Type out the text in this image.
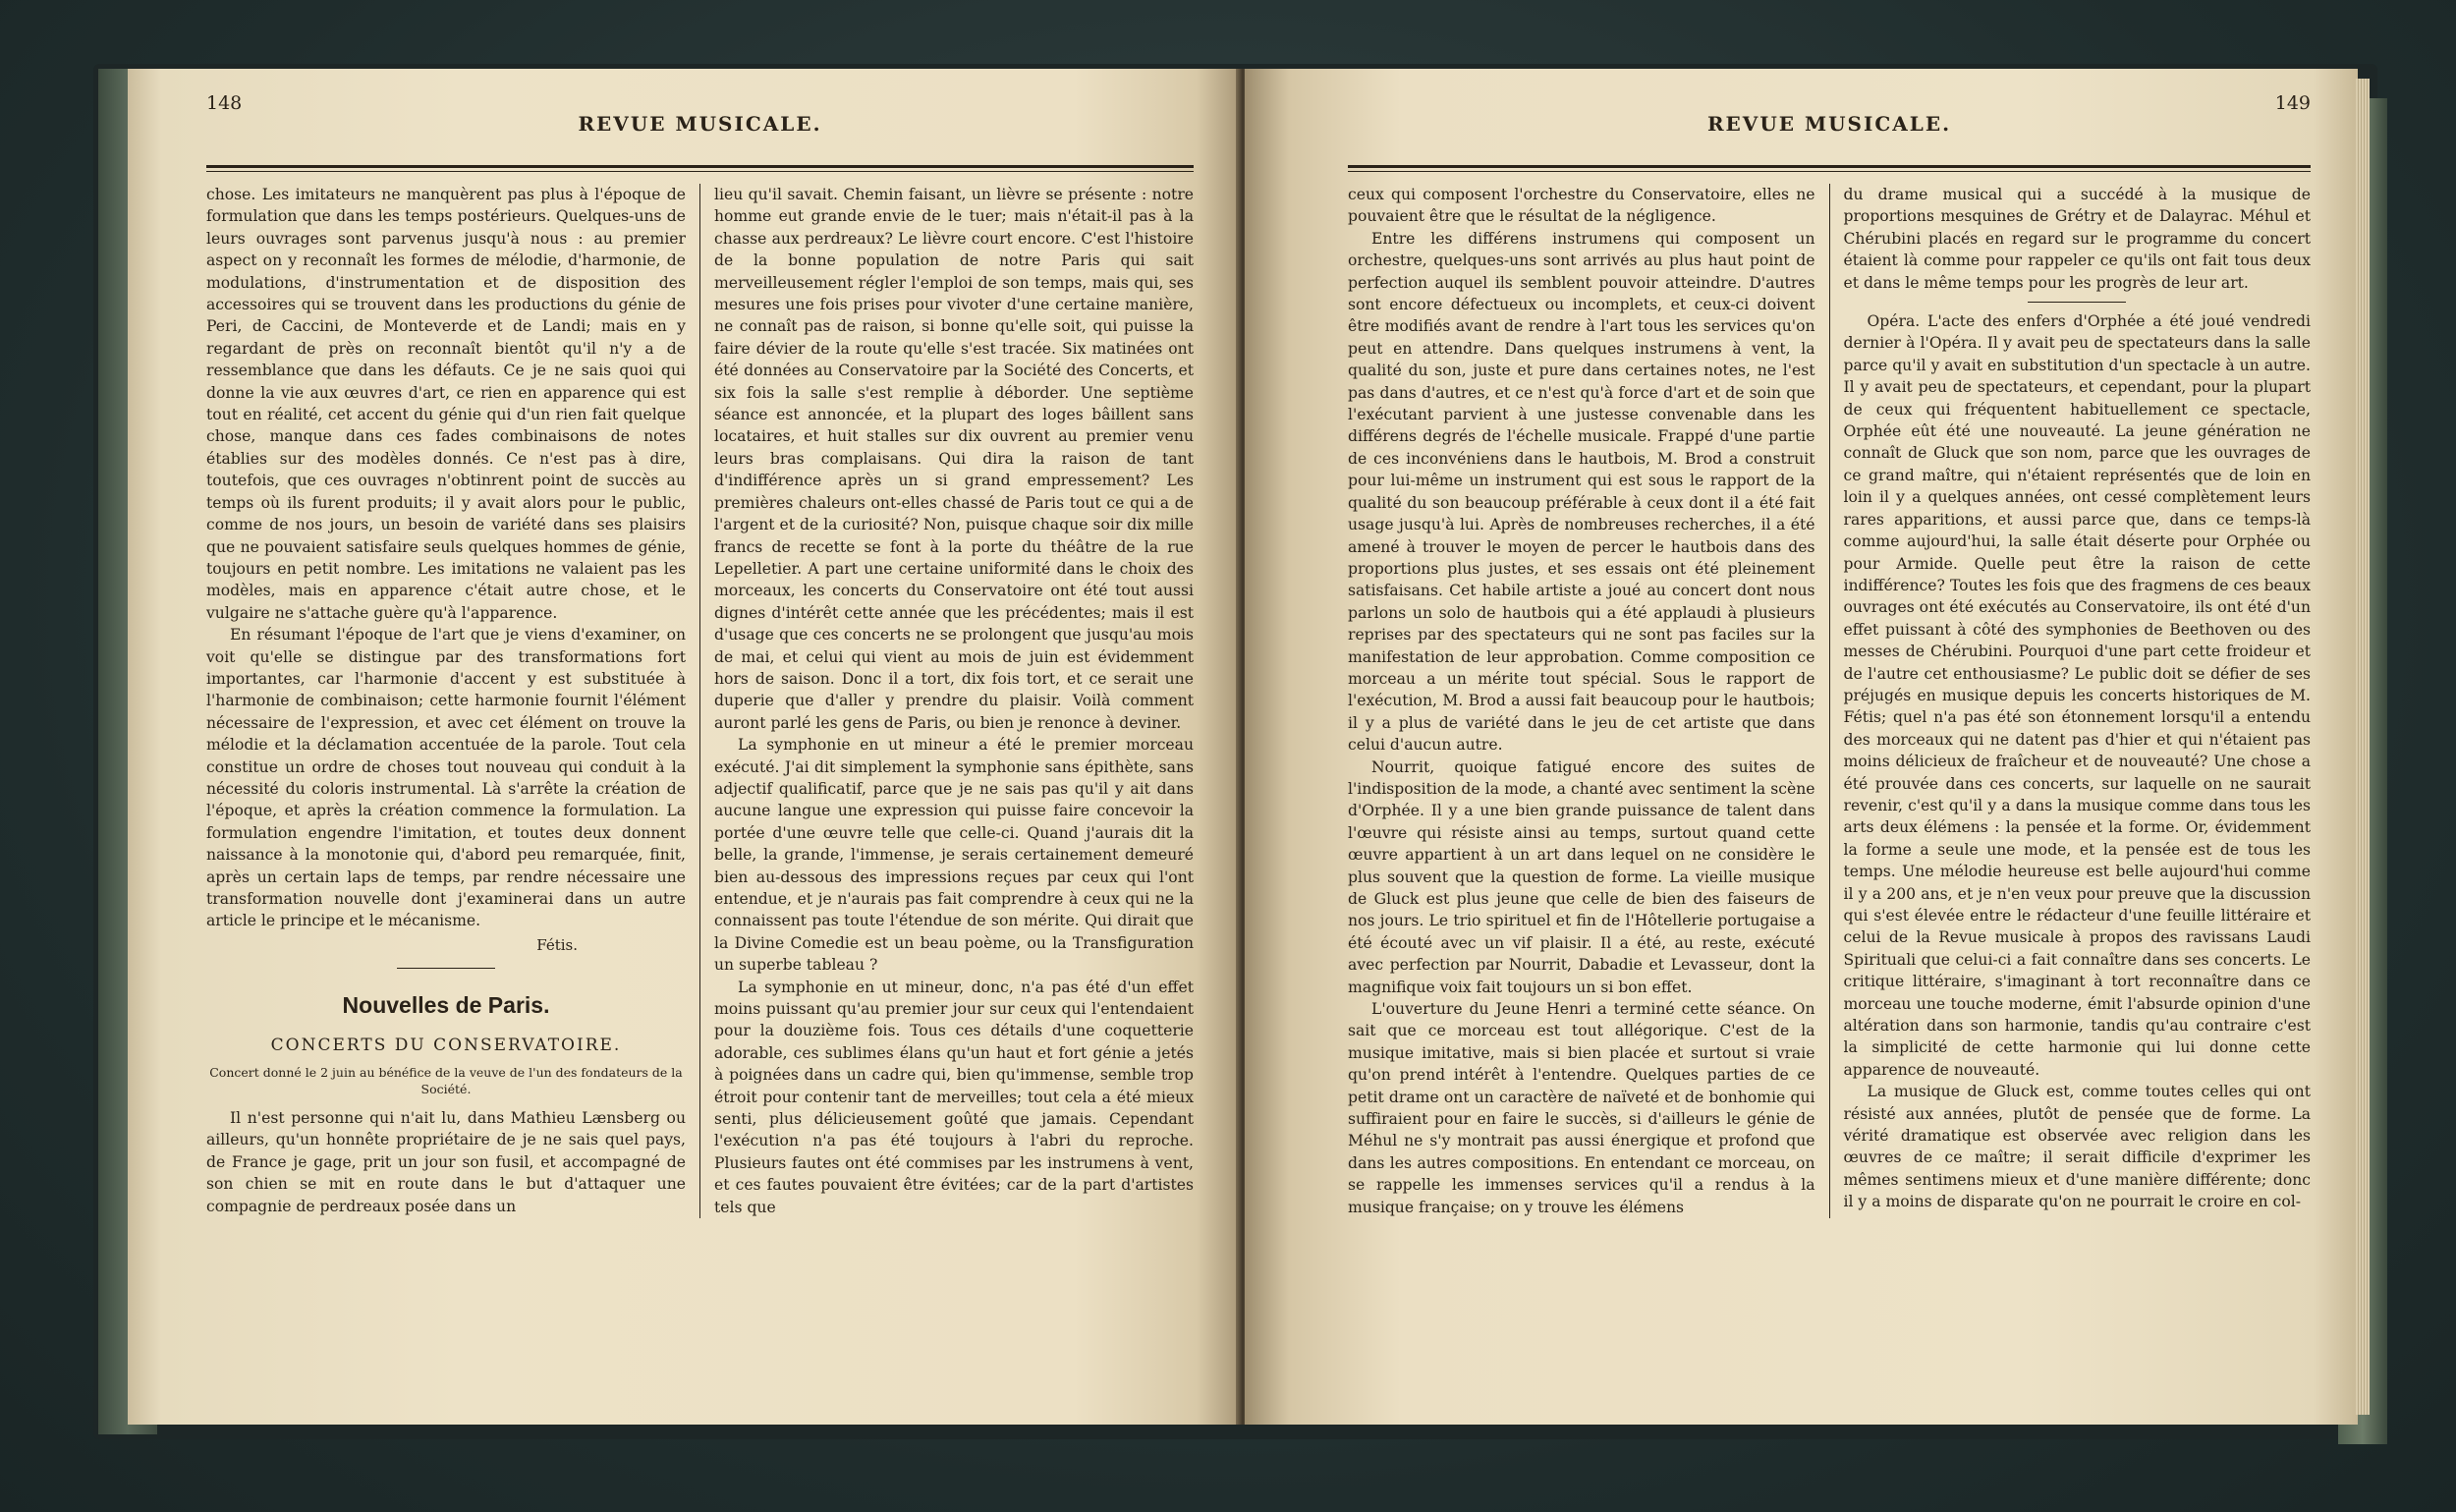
148
REVUE MUSICALE.

chose. Les imitateurs ne manquèrent pas plus à l'époque de formulation que dans les temps postérieurs. Quelques-uns de leurs ouvrages sont parvenus jusqu'à nous : au premier aspect on y reconnaît les formes de mélodie, d'harmonie, de modulations, d'instrumentation et de disposition des accessoires qui se trouvent dans les productions du génie de Peri, de Caccini, de Monteverde et de Landi; mais en y regardant de près on reconnaît bientôt qu'il n'y a de ressemblance que dans les défauts. Ce je ne sais quoi qui donne la vie aux œuvres d'art, ce rien en apparence qui est tout en réalité, cet accent du génie qui d'un rien fait quelque chose, manque dans ces fades combinaisons de notes établies sur des modèles donnés. Ce n'est pas à dire, toutefois, que ces ouvrages n'obtinrent point de succès au temps où ils furent produits; il y avait alors pour le public, comme de nos jours, un besoin de variété dans ses plaisirs que ne pouvaient satisfaire seuls quelques hommes de génie, toujours en petit nombre. Les imitations ne valaient pas les modèles, mais en apparence c'était autre chose, et le vulgaire ne s'attache guère qu'à l'apparence.

En résumant l'époque de l'art que je viens d'examiner, on voit qu'elle se distingue par des transformations fort importantes, car l'harmonie d'accent y est substituée à l'harmonie de combinaison; cette harmonie fournit l'élément nécessaire de l'expression, et avec cet élément on trouve la mélodie et la déclamation accentuée de la parole. Tout cela constitue un ordre de choses tout nouveau qui conduit à la nécessité du coloris instrumental. Là s'arrête la création de l'époque, et après la création commence la formulation. La formulation engendre l'imitation, et toutes deux donnent naissance à la monotonie qui, d'abord peu remarquée, finit, après un certain laps de temps, par rendre nécessaire une transformation nouvelle dont j'examinerai dans un autre article le principe et le mécanisme.

Fétis.
Nouvelles de Paris.
CONCERTS DU CONSERVATOIRE.
Concert donné le 2 juin au bénéfice de la veuve de l'un des fondateurs de la Société.

Il n'est personne qui n'ait lu, dans Mathieu Lænsberg ou ailleurs, qu'un honnête propriétaire de je ne sais quel pays, de France je gage, prit un jour son fusil, et accompagné de son chien se mit en route dans le but d'attaquer une compagnie de perdreaux posée dans un

lieu qu'il savait. Chemin faisant, un lièvre se présente : notre homme eut grande envie de le tuer; mais n'était-il pas à la chasse aux perdreaux? Le lièvre court encore. C'est l'histoire de la bonne population de notre Paris qui sait merveilleusement régler l'emploi de son temps, mais qui, ses mesures une fois prises pour vivoter d'une certaine manière, ne connaît pas de raison, si bonne qu'elle soit, qui puisse la faire dévier de la route qu'elle s'est tracée. Six matinées ont été données au Conservatoire par la Société des Concerts, et six fois la salle s'est remplie à déborder. Une septième séance est annoncée, et la plupart des loges bâillent sans locataires, et huit stalles sur dix ouvrent au premier venu leurs bras complaisans. Qui dira la raison de tant d'indifférence après un si grand empressement? Les premières chaleurs ont-elles chassé de Paris tout ce qui a de l'argent et de la curiosité? Non, puisque chaque soir dix mille francs de recette se font à la porte du théâtre de la rue Lepelletier. A part une certaine uniformité dans le choix des morceaux, les concerts du Conservatoire ont été tout aussi dignes d'intérêt cette année que les précédentes; mais il est d'usage que ces concerts ne se prolongent que jusqu'au mois de mai, et celui qui vient au mois de juin est évidemment hors de saison. Donc il a tort, dix fois tort, et ce serait une duperie que d'aller y prendre du plaisir. Voilà comment auront parlé les gens de Paris, ou bien je renonce à deviner.

La symphonie en ut mineur a été le premier morceau exécuté. J'ai dit simplement la symphonie sans épithète, sans adjectif qualificatif, parce que je ne sais pas qu'il y ait dans aucune langue une expression qui puisse faire concevoir la portée d'une œuvre telle que celle-ci. Quand j'aurais dit la belle, la grande, l'immense, je serais certainement demeuré bien au-dessous des impressions reçues par ceux qui l'ont entendue, et je n'aurais pas fait comprendre à ceux qui ne la connaissent pas toute l'étendue de son mérite. Qui dirait que la Divine Comedie est un beau poème, ou la Transfiguration un superbe tableau ?

La symphonie en ut mineur, donc, n'a pas été d'un effet moins puissant qu'au premier jour sur ceux qui l'entendaient pour la douzième fois. Tous ces détails d'une coquetterie adorable, ces sublimes élans qu'un haut et fort génie a jetés à poignées dans un cadre qui, bien qu'immense, semble trop étroit pour contenir tant de merveilles; tout cela a été mieux senti, plus délicieusement goûté que jamais. Cependant l'exécution n'a pas été toujours à l'abri du reproche. Plusieurs fautes ont été commises par les instrumens à vent, et ces fautes pouvaient être évitées; car de la part d'artistes tels que

REVUE MUSICALE.
149

ceux qui composent l'orchestre du Conservatoire, elles ne pouvaient être que le résultat de la négligence.

Entre les différens instrumens qui composent un orchestre, quelques-uns sont arrivés au plus haut point de perfection auquel ils semblent pouvoir atteindre. D'autres sont encore défectueux ou incomplets, et ceux-ci doivent être modifiés avant de rendre à l'art tous les services qu'on peut en attendre. Dans quelques instrumens à vent, la qualité du son, juste et pure dans certaines notes, ne l'est pas dans d'autres, et ce n'est qu'à force d'art et de soin que l'exécutant parvient à une justesse convenable dans les différens degrés de l'échelle musicale. Frappé d'une partie de ces inconvéniens dans le hautbois, M. Brod a construit pour lui-même un instrument qui est sous le rapport de la qualité du son beaucoup préférable à ceux dont il a été fait usage jusqu'à lui. Après de nombreuses recherches, il a été amené à trouver le moyen de percer le hautbois dans des proportions plus justes, et ses essais ont été pleinement satisfaisans. Cet habile artiste a joué au concert dont nous parlons un solo de hautbois qui a été applaudi à plusieurs reprises par des spectateurs qui ne sont pas faciles sur la manifestation de leur approbation. Comme composition ce morceau a un mérite tout spécial. Sous le rapport de l'exécution, M. Brod a aussi fait beaucoup pour le hautbois; il y a plus de variété dans le jeu de cet artiste que dans celui d'aucun autre.

Nourrit, quoique fatigué encore des suites de l'indisposition de la mode, a chanté avec sentiment la scène d'Orphée. Il y a une bien grande puissance de talent dans l'œuvre qui résiste ainsi au temps, surtout quand cette œuvre appartient à un art dans lequel on ne considère le plus souvent que la question de forme. La vieille musique de Gluck est plus jeune que celle de bien des faiseurs de nos jours. Le trio spirituel et fin de l'Hôtellerie portugaise a été écouté avec un vif plaisir. Il a été, au reste, exécuté avec perfection par Nourrit, Dabadie et Levasseur, dont la magnifique voix fait toujours un si bon effet.

L'ouverture du Jeune Henri a terminé cette séance. On sait que ce morceau est tout allégorique. C'est de la musique imitative, mais si bien placée et surtout si vraie qu'on prend intérêt à l'entendre. Quelques parties de ce petit drame ont un caractère de naïveté et de bonhomie qui suffiraient pour en faire le succès, si d'ailleurs le génie de Méhul ne s'y montrait pas aussi énergique et profond que dans les autres compositions. En entendant ce morceau, on se rappelle les immenses services qu'il a rendus à la musique française; on y trouve les élémens

du drame musical qui a succédé à la musique de proportions mesquines de Grétry et de Dalayrac. Méhul et Chérubini placés en regard sur le programme du concert étaient là comme pour rappeler ce qu'ils ont fait tous deux et dans le même temps pour les progrès de leur art.

Opéra. L'acte des enfers d'Orphée a été joué vendredi dernier à l'Opéra. Il y avait peu de spectateurs dans la salle parce qu'il y avait en substitution d'un spectacle à un autre. Il y avait peu de spectateurs, et cependant, pour la plupart de ceux qui fréquentent habituellement ce spectacle, Orphée eût été une nouveauté. La jeune génération ne connaît de Gluck que son nom, parce que les ouvrages de ce grand maître, qui n'étaient représentés que de loin en loin il y a quelques années, ont cessé complètement leurs rares apparitions, et aussi parce que, dans ce temps-là comme aujourd'hui, la salle était déserte pour Orphée ou pour Armide. Quelle peut être la raison de cette indifférence? Toutes les fois que des fragmens de ces beaux ouvrages ont été exécutés au Conservatoire, ils ont été d'un effet puissant à côté des symphonies de Beethoven ou des messes de Chérubini. Pourquoi d'une part cette froideur et de l'autre cet enthousiasme? Le public doit se défier de ses préjugés en musique depuis les concerts historiques de M. Fétis; quel n'a pas été son étonnement lorsqu'il a entendu des morceaux qui ne datent pas d'hier et qui n'étaient pas moins délicieux de fraîcheur et de nouveauté? Une chose a été prouvée dans ces concerts, sur laquelle on ne saurait revenir, c'est qu'il y a dans la musique comme dans tous les arts deux élémens : la pensée et la forme. Or, évidemment la forme a seule une mode, et la pensée est de tous les temps. Une mélodie heureuse est belle aujourd'hui comme il y a 200 ans, et je n'en veux pour preuve que la discussion qui s'est élevée entre le rédacteur d'une feuille littéraire et celui de la Revue musicale à propos des ravissans Laudi Spirituali que celui-ci a fait connaître dans ses concerts. Le critique littéraire, s'imaginant à tort reconnaître dans ce morceau une touche moderne, émit l'absurde opinion d'une altération dans son harmonie, tandis qu'au contraire c'est la simplicité de cette harmonie qui lui donne cette apparence de nouveauté.

La musique de Gluck est, comme toutes celles qui ont résisté aux années, plutôt de pensée que de forme. La vérité dramatique est observée avec religion dans les œuvres de ce maître; il serait difficile d'exprimer les mêmes sentimens mieux et d'une manière différente; donc il y a moins de disparate qu'on ne pourrait le croire en col-
